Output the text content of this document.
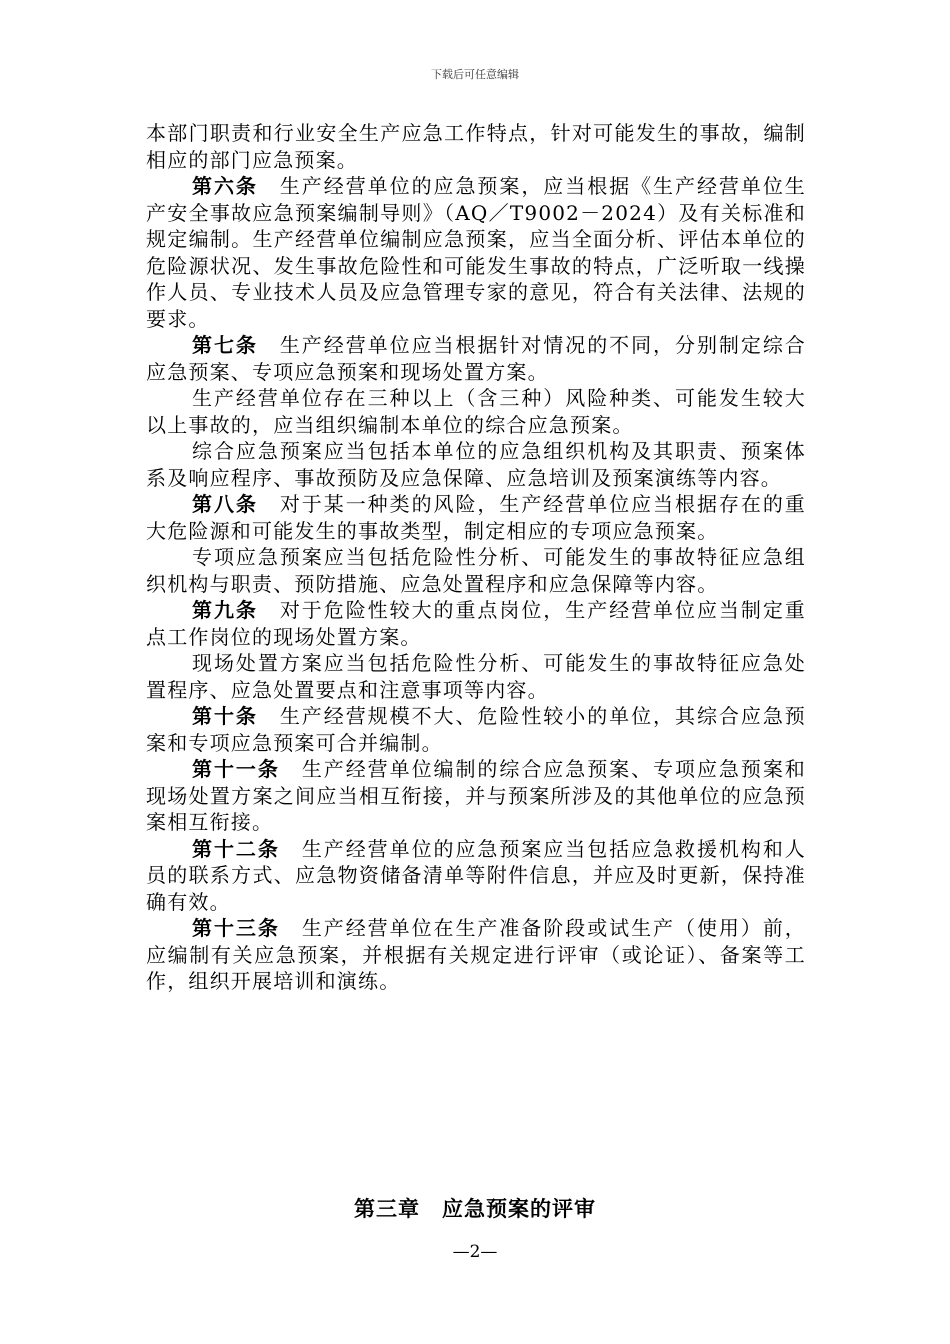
下载后可任意编辑

本部门职责和行业安全生产应急工作特点，针对可能发生的事故，编制相应的部门应急预案。

第六条 生产经营单位的应急预案，应当根据《生产经营单位生产安全事故应急预案编制导则》（AQ／T9002－2024）及有关标准和规定编制。生产经营单位编制应急预案，应当全面分析、评估本单位的危险源状况、发生事故危险性和可能发生事故的特点，广泛听取一线操作人员、专业技术人员及应急管理专家的意见，符合有关法律、法规的要求。

第七条 生产经营单位应当根据针对情况的不同，分别制定综合应急预案、专项应急预案和现场处置方案。

生产经营单位存在三种以上（含三种）风险种类、可能发生较大以上事故的，应当组织编制本单位的综合应急预案。

综合应急预案应当包括本单位的应急组织机构及其职责、预案体系及响应程序、事故预防及应急保障、应急培训及预案演练等内容。

第八条 对于某一种类的风险，生产经营单位应当根据存在的重大危险源和可能发生的事故类型，制定相应的专项应急预案。

专项应急预案应当包括危险性分析、可能发生的事故特征应急组织机构与职责、预防措施、应急处置程序和应急保障等内容。

第九条 对于危险性较大的重点岗位，生产经营单位应当制定重点工作岗位的现场处置方案。

现场处置方案应当包括危险性分析、可能发生的事故特征应急处置程序、应急处置要点和注意事项等内容。

第十条 生产经营规模不大、危险性较小的单位，其综合应急预案和专项应急预案可合并编制。

第十一条 生产经营单位编制的综合应急预案、专项应急预案和现场处置方案之间应当相互衔接，并与预案所涉及的其他单位的应急预案相互衔接。

第十二条 生产经营单位的应急预案应当包括应急救援机构和人员的联系方式、应急物资储备清单等附件信息，并应及时更新，保持准确有效。

第十三条 生产经营单位在生产准备阶段或试生产（使用）前，应编制有关应急预案，并根据有关规定进行评审（或论证）、备案等工作，组织开展培训和演练。

第三章 应急预案的评审
—2—
